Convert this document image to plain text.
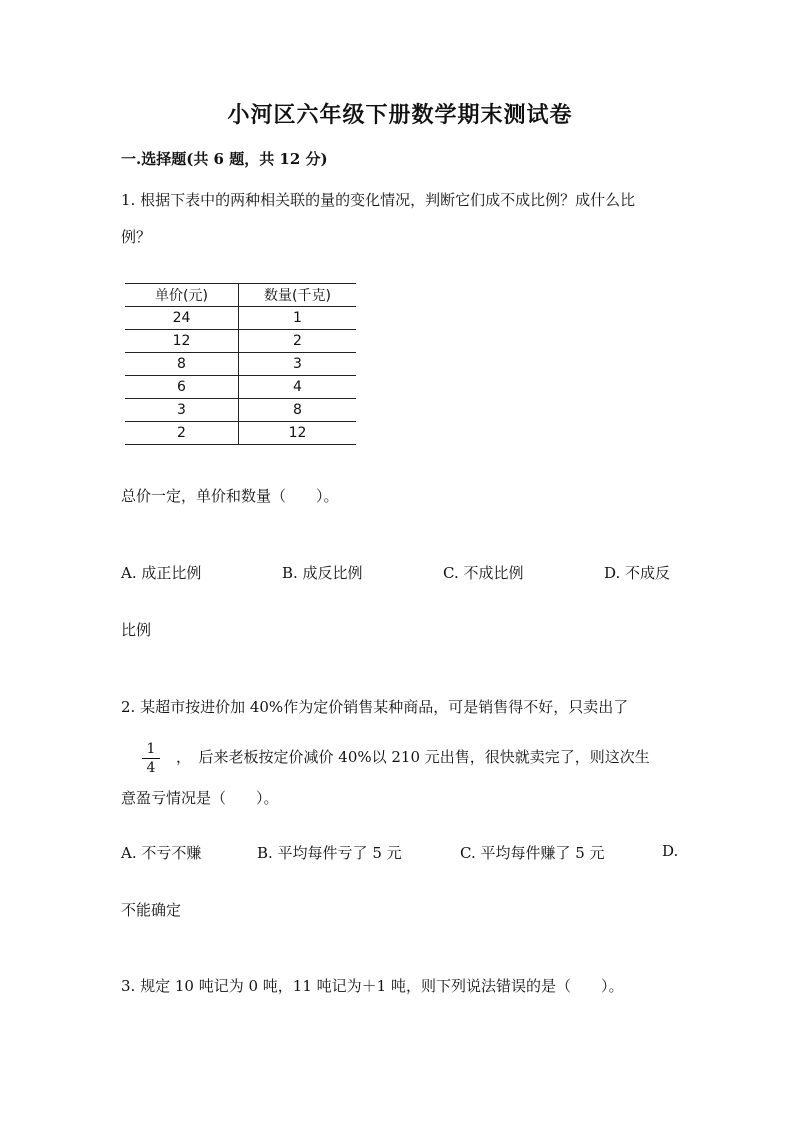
小河区六年级下册数学期末测试卷
一.选择题(共 6 题，共 12 分)
1. 根据下表中的两种相关联的量的变化情况，判断它们成不成比例？成什么比
例？
单价(元)	数量(千克)
24	1
12	2
8	3
6	4
3	8
2	12
总价一定，单价和数量（　　）。
A. 成正比例	B. 成反比例	C. 不成比例	D. 不成反
比例
2. 某超市按进价加 40%作为定价销售某种商品，可是销售得不好，只卖出了
1
4
，　后来老板按定价减价 40%以 210 元出售，很快就卖完了，则这次生
意盈亏情况是（　　）。
A. 不亏不赚	B. 平均每件亏了 5 元	C. 平均每件赚了 5 元	D.
不能确定
3. 规定 10 吨记为 0 吨，11 吨记为＋1 吨，则下列说法错误的是（　　）。
